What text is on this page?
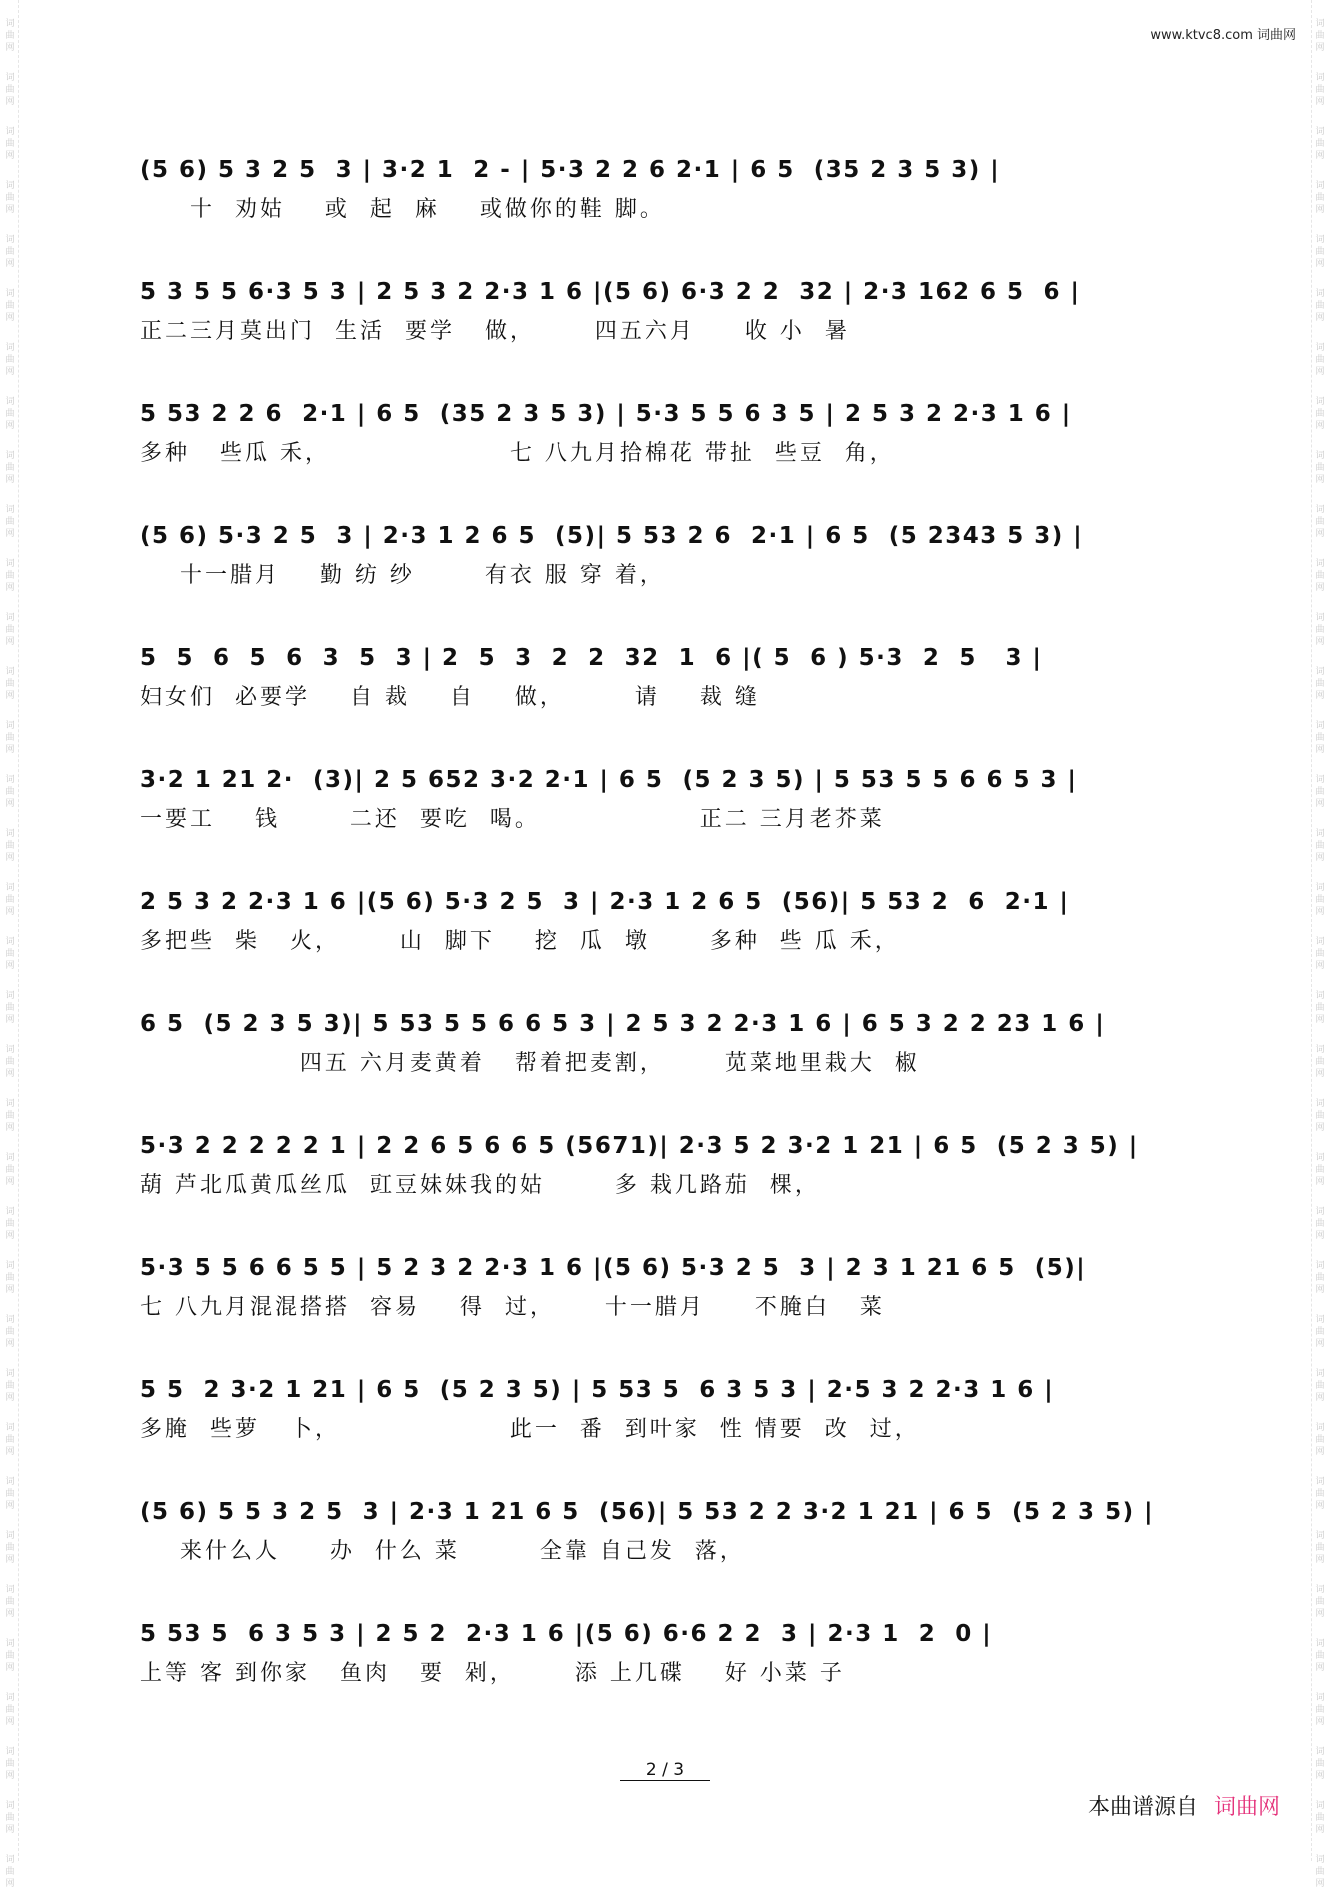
词曲网
词曲网
词曲网
词曲网
词曲网
词曲网
词曲网
词曲网
词曲网
词曲网
词曲网
词曲网
词曲网
词曲网
词曲网
词曲网
词曲网
词曲网
词曲网
词曲网
词曲网
词曲网
词曲网
词曲网
词曲网
词曲网
词曲网
词曲网
词曲网
词曲网
词曲网
词曲网
词曲网
词曲网
词曲网
词曲网
词曲网
词曲网
词曲网
词曲网
词曲网
词曲网
词曲网
词曲网
词曲网
词曲网
词曲网
词曲网
词曲网
词曲网
词曲网
词曲网
词曲网
词曲网
词曲网
词曲网
词曲网
词曲网
词曲网
词曲网
词曲网
词曲网
词曲网
词曲网
词曲网
词曲网
词曲网
词曲网
词曲网
词曲网
www.ktvc8.com 词曲网
(5 6) 5 3 2 5  3 | 3·2 1  2 - | 5·3 2 2 6 2·1 | 6 5  (35 2 3 5 3) |
十  劝姑    或  起  麻    或做你的鞋 脚。
5 3 5 5 6·3 5 3 | 2 5 3 2 2·3 1 6 |(5 6) 6·3 2 2  32 | 2·3 162 6 5  6 |
正二三月莫出门  生活  要学   做，      四五六月     收 小  暑
5 53 2 2 6  2·1 | 6 5  (35 2 3 5 3) | 5·3 5 5 6 3 5 | 2 5 3 2 2·3 1 6 |
多种   些瓜 禾，                  七 八九月拾棉花 带扯  些豆  角，
(5 6) 5·3 2 5  3 | 2·3 1 2 6 5  (5)| 5 53 2 6  2·1 | 6 5  (5 2343 5 3) |
十一腊月    勤 纺 纱       有衣 服 穿 着，
5  5  6  5  6  3  5  3 | 2  5  3  2  2  32  1  6 |( 5  6 ) 5·3  2  5   3 |
妇女们  必要学    自 裁    自    做，       请    裁 缝
3·2 1 21 2·  (3)| 2 5 652 3·2 2·1 | 6 5  (5 2 3 5) | 5 53 5 5 6 6 5 3 |
一要工    钱       二还  要吃  喝。                正二 三月老芥菜
2 5 3 2 2·3 1 6 |(5 6) 5·3 2 5  3 | 2·3 1 2 6 5  (56)| 5 53 2  6  2·1 |
多把些  柴   火，      山  脚下    挖  瓜  墩      多种  些 瓜 禾，
6 5  (5 2 3 5 3)| 5 53 5 5 6 6 5 3 | 2 5 3 2 2·3 1 6 | 6 5 3 2 2 23 1 6 |
四五 六月麦黄着   帮着把麦割，      苋菜地里栽大  椒
5·3 2 2 2 2 2 1 | 2 2 6 5 6 6 5 (5671)| 2·3 5 2 3·2 1 21 | 6 5  (5 2 3 5) |
葫 芦北瓜黄瓜丝瓜  豇豆妹妹我的姑       多 栽几路茄  棵，
5·3 5 5 6 6 5 5 | 5 2 3 2 2·3 1 6 |(5 6) 5·3 2 5  3 | 2 3 1 21 6 5  (5)|
七 八九月混混搭搭  容易    得  过，     十一腊月     不腌白   菜
5 5  2 3·2 1 21 | 6 5  (5 2 3 5) | 5 53 5  6 3 5 3 | 2·5 3 2 2·3 1 6 |
多腌  些萝   卜，                 此一  番  到叶家  性 情要  改  过，
(5 6) 5 5 3 2 5  3 | 2·3 1 21 6 5  (56)| 5 53 2 2 3·2 1 21 | 6 5  (5 2 3 5) |
来什么人     办  什么 菜        全靠 自己发  落，
5 53 5  6 3 5 3 | 2 5 2  2·3 1 6 |(5 6) 6·6 2 2  3 | 2·3 1  2  0 |
上等 客 到你家   鱼肉   要  剁，      添 上几碟    好 小菜 子
2 / 3
本曲谱源自 词曲网
